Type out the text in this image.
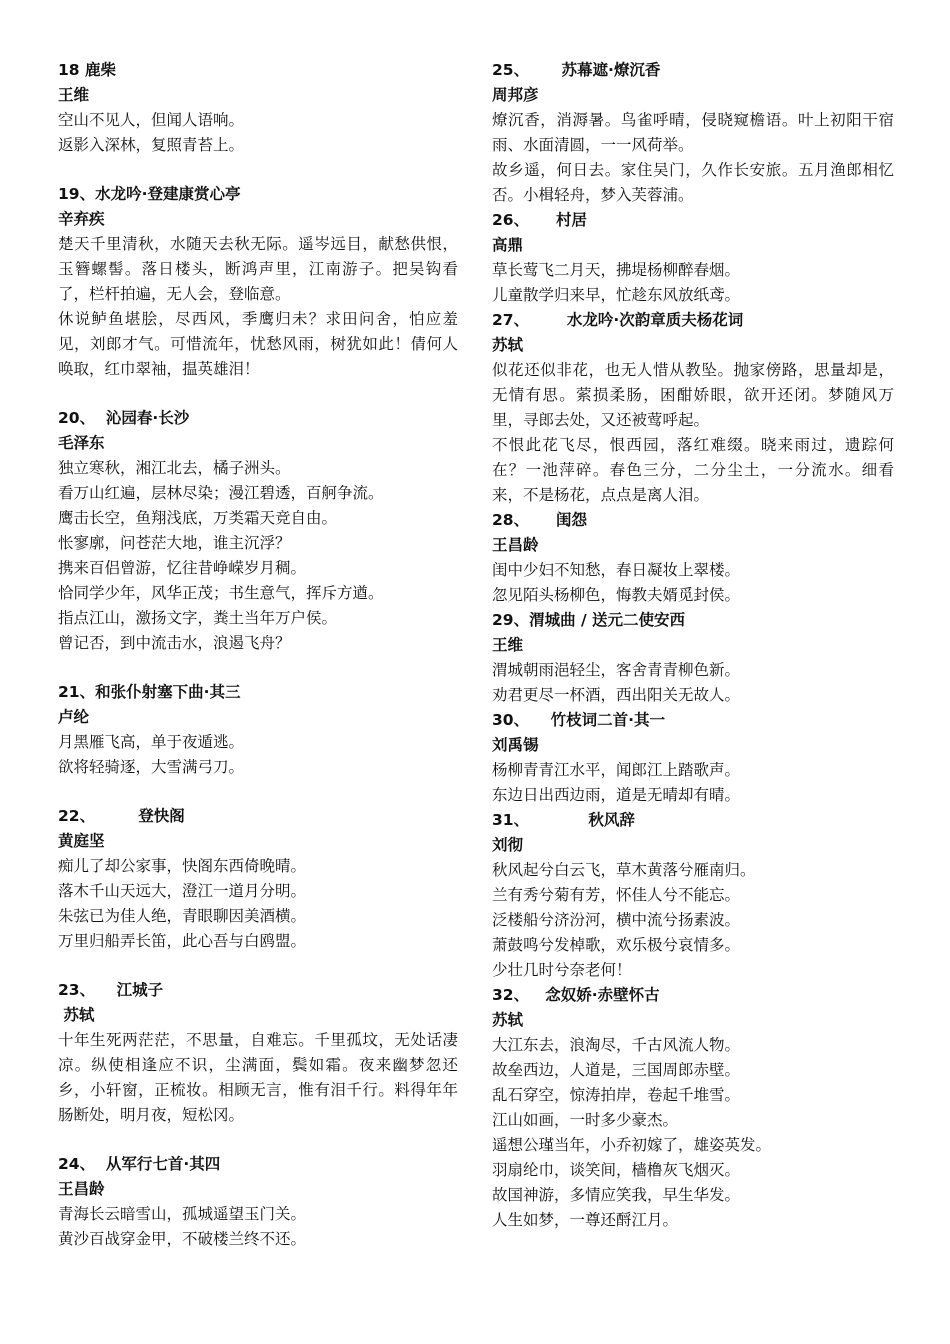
18 鹿柴
王维
空山不见人，但闻人语响。
返影入深林，复照青苔上。
19、水龙吟·登建康赏心亭
辛弃疾
楚天千里清秋，水随天去秋无际。遥岑远目，献愁供恨，玉簪螺髻。落日楼头，断鸿声里，江南游子。把吴钩看了，栏杆拍遍，无人会，登临意。
休说鲈鱼堪脍，尽西风，季鹰归未？求田问舍，怕应羞见，刘郎才气。可惜流年，忧愁风雨，树犹如此！倩何人唤取，红巾翠袖，揾英雄泪！
20、  沁园春·长沙
毛泽东
独立寒秋，湘江北去，橘子洲头。
看万山红遍，层林尽染；漫江碧透，百舸争流。
鹰击长空，鱼翔浅底，万类霜天竞自由。
怅寥廓，问苍茫大地，谁主沉浮？
携来百侣曾游，忆往昔峥嵘岁月稠。
恰同学少年，风华正茂；书生意气，挥斥方遒。
指点江山，激扬文字，粪土当年万户侯。
曾记否，到中流击水，浪遏飞舟？
21、和张仆射塞下曲·其三
卢纶
月黑雁飞高，单于夜遁逃。
欲将轻骑逐，大雪满弓刀。
22、        登快阁
黄庭坚
痴儿了却公家事，快阁东西倚晚晴。
落木千山天远大，澄江一道月分明。
朱弦已为佳人绝，青眼聊因美酒横。
万里归船弄长笛，此心吾与白鸥盟。
23、    江城子
苏轼
十年生死两茫茫，不思量，自难忘。千里孤坟，无处话凄凉。纵使相逢应不识，尘满面，鬓如霜。夜来幽梦忽还乡，小轩窗，正梳妆。相顾无言，惟有泪千行。料得年年肠断处，明月夜，短松冈。
24、  从军行七首·其四
王昌龄
青海长云暗雪山，孤城遥望玉门关。
黄沙百战穿金甲，不破楼兰终不还。
25、      苏幕遮·燎沉香
周邦彦
燎沉香，消溽暑。鸟雀呼晴，侵晓窥檐语。叶上初阳干宿雨、水面清圆，一一风荷举。
故乡遥，何日去。家住吴门，久作长安旅。五月渔郎相忆否。小楫轻舟，梦入芙蓉浦。
26、     村居
高鼎
草长莺飞二月天，拂堤杨柳醉春烟。
儿童散学归来早，忙趁东风放纸鸢。
27、       水龙吟·次韵章质夫杨花词
苏轼
似花还似非花，也无人惜从教坠。抛家傍路，思量却是，无情有思。萦损柔肠，困酣娇眼，欲开还闭。梦随风万里，寻郎去处，又还被莺呼起。
不恨此花飞尽，恨西园，落红难缀。晓来雨过，遗踪何在？一池萍碎。春色三分，二分尘土，一分流水。细看来，不是杨花，点点是离人泪。
28、     闺怨
王昌龄
闺中少妇不知愁，春日凝妆上翠楼。
忽见陌头杨柳色，悔教夫婿觅封侯。
29、渭城曲 / 送元二使安西
王维
渭城朝雨浥轻尘，客舍青青柳色新。
劝君更尽一杯酒，西出阳关无故人。
30、    竹枝词二首·其一
刘禹锡
杨柳青青江水平，闻郎江上踏歌声。
东边日出西边雨，道是无晴却有晴。
31、           秋风辞
刘彻
秋风起兮白云飞，草木黄落兮雁南归。
兰有秀兮菊有芳，怀佳人兮不能忘。
泛楼船兮济汾河，横中流兮扬素波。
萧鼓鸣兮发棹歌，欢乐极兮哀情多。
少壮几时兮奈老何！
32、   念奴娇·赤壁怀古
苏轼
大江东去，浪淘尽，千古风流人物。
故垒西边，人道是，三国周郎赤壁。
乱石穿空，惊涛拍岸，卷起千堆雪。
江山如画，一时多少豪杰。
遥想公瑾当年，小乔初嫁了，雄姿英发。
羽扇纶巾，谈笑间，樯橹灰飞烟灭。
故国神游，多情应笑我，早生华发。
人生如梦，一尊还酹江月。
